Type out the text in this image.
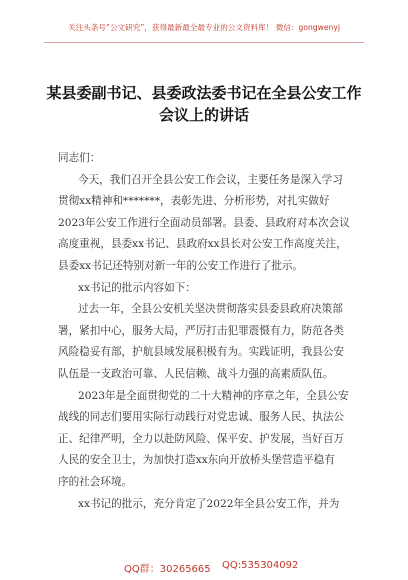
关注头条号“公文研究”，获得最新最全最专业的公文资料库！ 微信：gongwenyj
某县委副书记、县委政法委书记在全县公安工作
会议上的讲话
同志们：
今天，我们召开全县公安工作会议，主要任务是深入学习
贯彻xx精神和*******，表彰先进、分析形势，对扎实做好
2023年公安工作进行全面动员部署。县委、县政府对本次会议
高度重视，县委xx书记、县政府xx县长对公安工作高度关注，
县委xx书记还特别对新一年的公安工作进行了批示。
xx书记的批示内容如下：
过去一年，全县公安机关坚决贯彻落实县委县政府决策部
署，紧扣中心，服务大局，严厉打击犯罪震慑有力，防范各类
风险稳妥有部，护航县域发展积极有为。实践证明，我县公安
队伍是一支政治可靠、人民信赖、战斗力强的高素质队伍。
2023年是全面贯彻党的二十大精神的序章之年，全县公安
战线的同志们要用实际行动践行对党忠诚、服务人民、执法公
正、纪律严明，全力以赴防风险、保平安、护发展，当好百万
人民的安全卫士，为加快打造xx东向开放桥头堡营造平稳有
序的社会环境。
xx书记的批示，充分肯定了2022年全县公安工作，并为
QQ群：30265665 QQ:535304092
